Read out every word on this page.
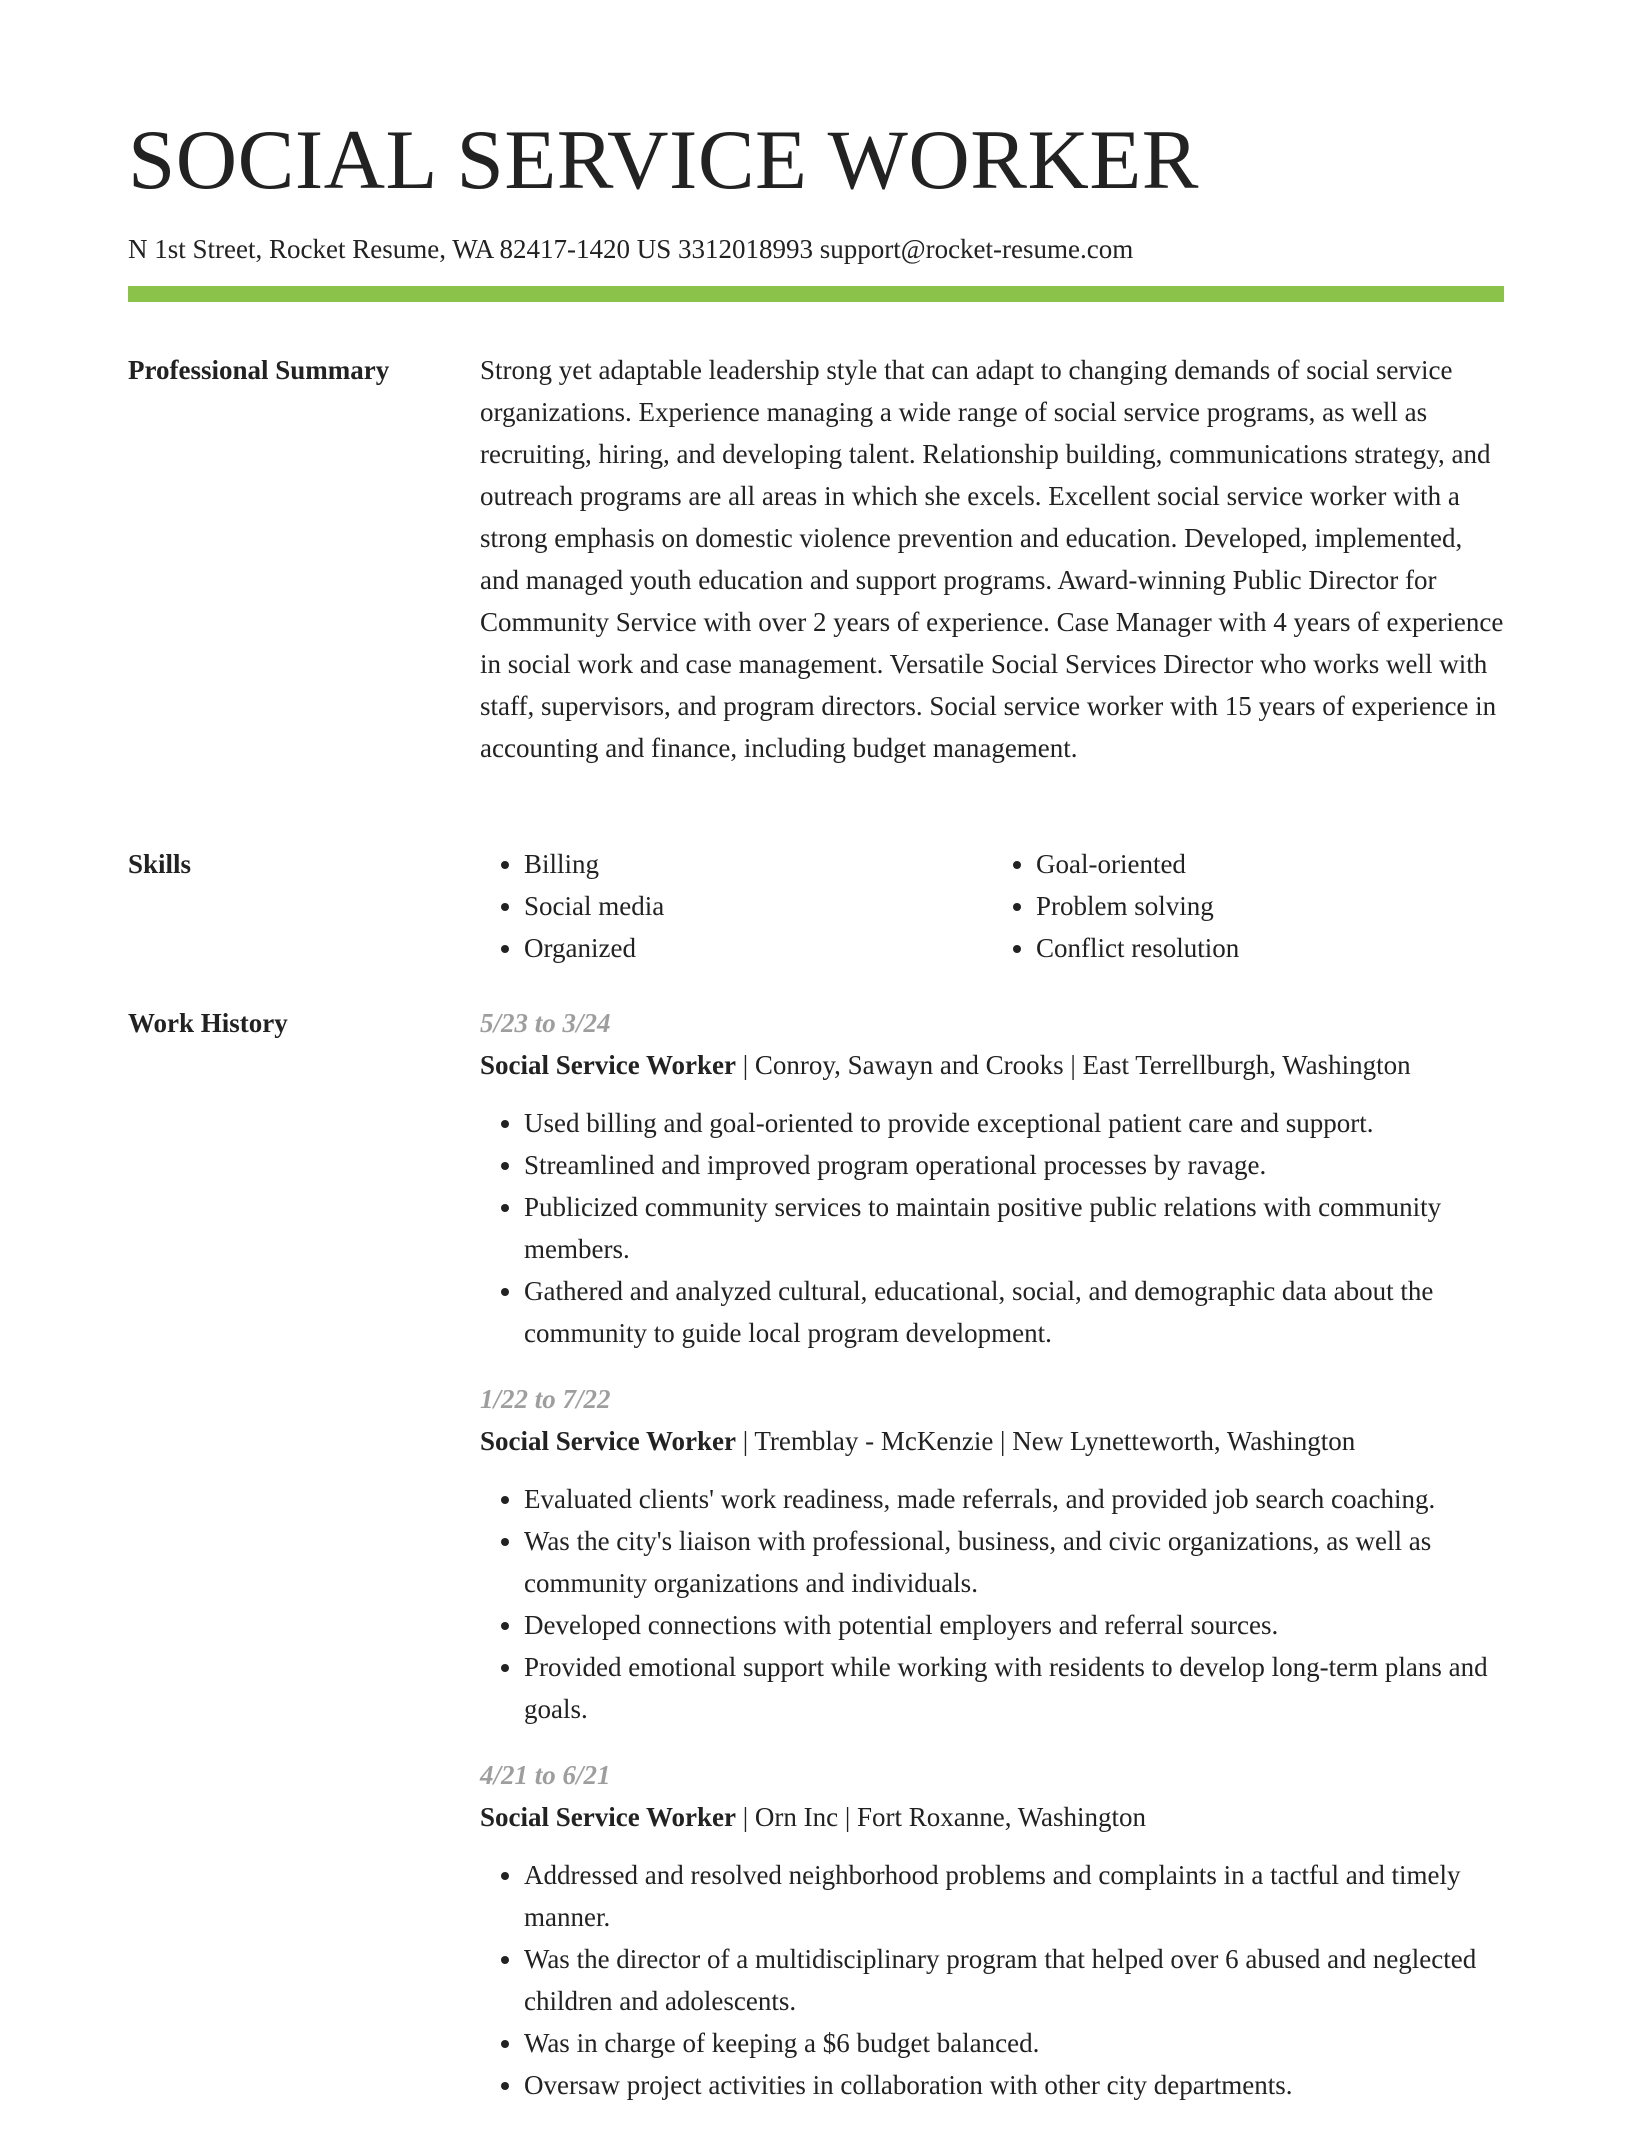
SOCIAL SERVICE WORKER
N 1st Street, Rocket Resume, WA 82417-1420 US 3312018993 support@rocket-resume.com
Professional Summary	Strong yet adaptable leadership style that can adapt to changing demands of social service organizations. Experience managing a wide range of social service programs, as well as recruiting, hiring, and developing talent. Relationship building, communications strategy, and outreach programs are all areas in which she excels. Excellent social service worker with a strong emphasis on domestic violence prevention and education. Developed, implemented, and managed youth education and support programs. Award-winning Public Director for Community Service with over 2 years of experience. Case Manager with 4 years of experience in social work and case management. Versatile Social Services Director who works well with staff, supervisors, and program directors. Social service worker with 15 years of experience in accounting and finance, including budget management.

Skills
•	Billing
• Social media
• Organized
• Goal-oriented
• Problem solving
• Conflict resolution
Work History	5/23 to 3/24
Social Service Worker | Conroy, Sawayn and Crooks | East Terrellburgh, Washington
• Used billing and goal-oriented to provide exceptional patient care and support.
• Streamlined and improved program operational processes by ravage.
• Publicized community services to maintain positive public relations with community members.
• Gathered and analyzed cultural, educational, social, and demographic data about the community to guide local program development.
1/22 to 7/22
Social Service Worker | Tremblay - McKenzie | New Lynetteworth, Washington
• Evaluated clients' work readiness, made referrals, and provided job search coaching.
• Was the city's liaison with professional, business, and civic organizations, as well as community organizations and individuals.
• Developed connections with potential employers and referral sources.
• Provided emotional support while working with residents to develop long-term plans and goals.
4/21 to 6/21
Social Service Worker | Orn Inc | Fort Roxanne, Washington
• Addressed and resolved neighborhood problems and complaints in a tactful and timely manner.
• Was the director of a multidisciplinary program that helped over 6 abused and neglected children and adolescents.
• Was in charge of keeping a $6 budget balanced.
• Oversaw project activities in collaboration with other city departments.
